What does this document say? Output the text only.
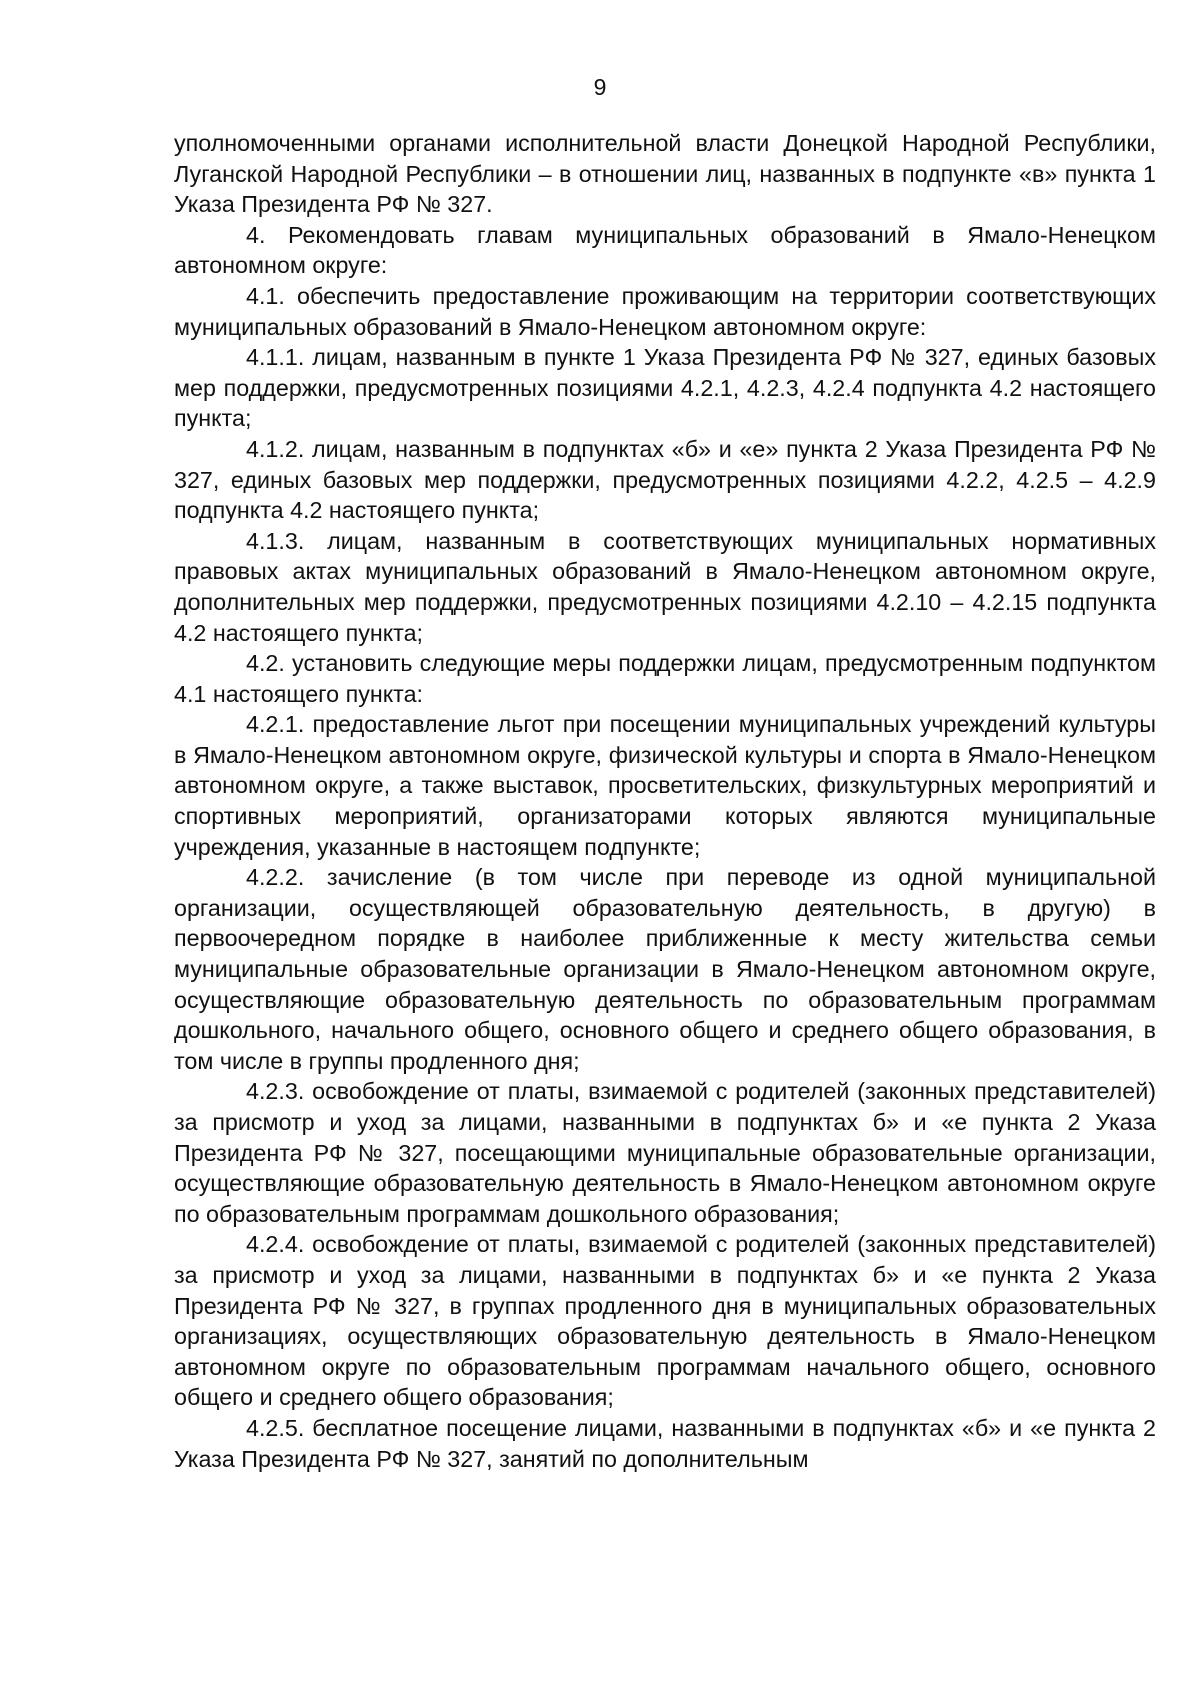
9

уполномоченными органами исполнительной власти Донецкой Народной Республики, Луганской Народной Республики – в отношении лиц, названных в подпункте «в» пункта 1 Указа Президента РФ № 327.

4. Рекомендовать главам муниципальных образований в Ямало-Ненецком автономном округе:

4.1. обеспечить предоставление проживающим на территории соответствующих муниципальных образований в Ямало-Ненецком автономном округе:

4.1.1. лицам, названным в пункте 1 Указа Президента РФ № 327, единых базовых мер поддержки, предусмотренных позициями 4.2.1, 4.2.3, 4.2.4 подпункта 4.2 настоящего пункта;

4.1.2. лицам, названным в подпунктах «б» и «е» пункта 2 Указа Президента РФ № 327, единых базовых мер поддержки, предусмотренных позициями 4.2.2, 4.2.5 – 4.2.9 подпункта 4.2 настоящего пункта;

4.1.3. лицам, названным в соответствующих муниципальных нормативных правовых актах муниципальных образований в Ямало-Ненецком автономном округе, дополнительных мер поддержки, предусмотренных позициями 4.2.10 – 4.2.15 подпункта 4.2 настоящего пункта;

4.2. установить следующие меры поддержки лицам, предусмотренным подпунктом 4.1 настоящего пункта:

4.2.1. предоставление льгот при посещении муниципальных учреждений культуры в Ямало-Ненецком автономном округе, физической культуры и спорта в Ямало-Ненецком автономном округе, а также выставок, просветительских, физкультурных мероприятий и спортивных мероприятий, организаторами которых являются муниципальные учреждения, указанные в настоящем подпункте;

4.2.2. зачисление (в том числе при переводе из одной муниципальной организации, осуществляющей образовательную деятельность, в другую) в первоочередном порядке в наиболее приближенные к месту жительства семьи муниципальные образовательные организации в Ямало-Ненецком автономном округе, осуществляющие образовательную деятельность по образовательным программам дошкольного, начального общего, основного общего и среднего общего образования, в том числе в группы продленного дня;

4.2.3. освобождение от платы, взимаемой с родителей (законных представителей) за присмотр и уход за лицами, названными в подпунктах б» и «е пункта 2 Указа Президента РФ № 327, посещающими муниципальные образовательные организации, осуществляющие образовательную деятельность в Ямало-Ненецком автономном округе по образовательным программам дошкольного образования;

4.2.4. освобождение от платы, взимаемой с родителей (законных представителей) за присмотр и уход за лицами, названными в подпунктах б» и «е пункта 2 Указа Президента РФ № 327, в группах продленного дня в муниципальных образовательных организациях, осуществляющих образовательную деятельность в Ямало-Ненецком автономном округе по образовательным программам начального общего, основного общего и среднего общего образования;

4.2.5. бесплатное посещение лицами, названными в подпунктах «б» и «е пункта 2 Указа Президента РФ № 327, занятий по дополнительным
